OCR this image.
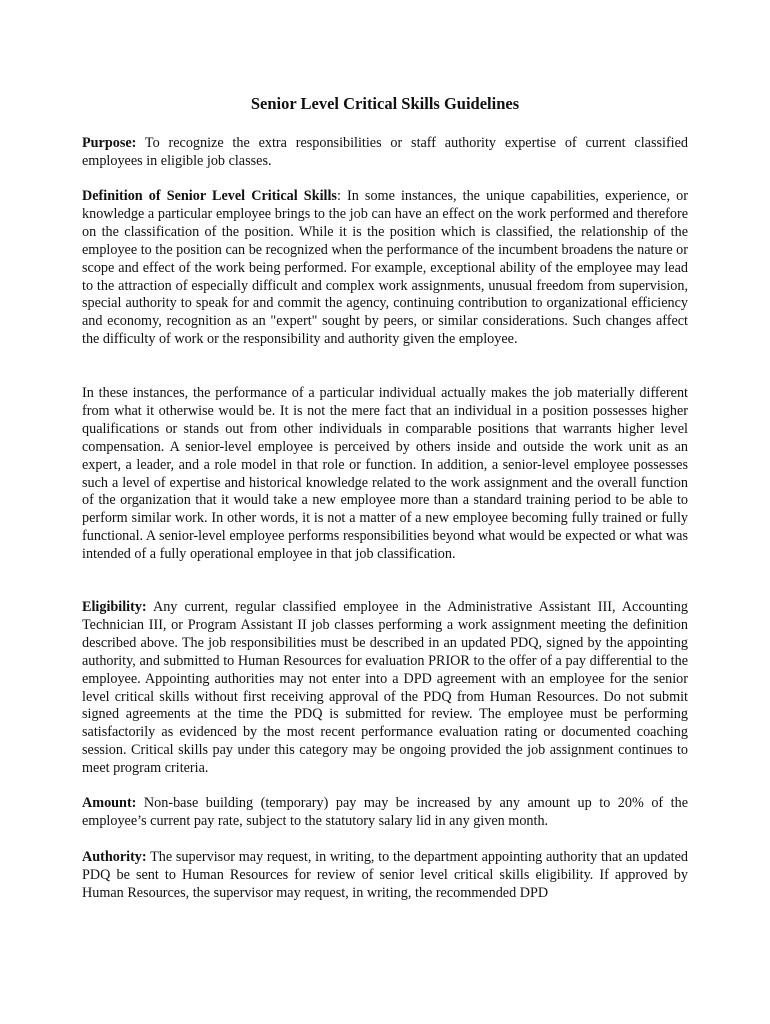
Senior Level Critical Skills Guidelines

Purpose: To recognize the extra responsibilities or staff authority expertise of current classified employees in eligible job classes.

Definition of Senior Level Critical Skills: In some instances, the unique capabilities, experience, or knowledge a particular employee brings to the job can have an effect on the work performed and therefore on the classification of the position. While it is the position which is classified, the relationship of the employee to the position can be recognized when the performance of the incumbent broadens the nature or scope and effect of the work being performed. For example, exceptional ability of the employee may lead to the attraction of especially difficult and complex work assignments, unusual freedom from supervision, special authority to speak for and commit the agency, continuing contribution to organizational efficiency and economy, recognition as an "expert" sought by peers, or similar considerations. Such changes affect the difficulty of work or the responsibility and authority given the employee.

In these instances, the performance of a particular individual actually makes the job materially different from what it otherwise would be. It is not the mere fact that an individual in a position possesses higher qualifications or stands out from other individuals in comparable positions that warrants higher level compensation. A senior-level employee is perceived by others inside and outside the work unit as an expert, a leader, and a role model in that role or function. In addition, a senior-level employee possesses such a level of expertise and historical knowledge related to the work assignment and the overall function of the organization that it would take a new employee more than a standard training period to be able to perform similar work. In other words, it is not a matter of a new employee becoming fully trained or fully functional. A senior-level employee performs responsibilities beyond what would be expected or what was intended of a fully operational employee in that job classification.

Eligibility: Any current, regular classified employee in the Administrative Assistant III, Accounting Technician III, or Program Assistant II job classes performing a work assignment meeting the definition described above. The job responsibilities must be described in an updated PDQ, signed by the appointing authority, and submitted to Human Resources for evaluation PRIOR to the offer of a pay differential to the employee. Appointing authorities may not enter into a DPD agreement with an employee for the senior level critical skills without first receiving approval of the PDQ from Human Resources. Do not submit signed agreements at the time the PDQ is submitted for review. The employee must be performing satisfactorily as evidenced by the most recent performance evaluation rating or documented coaching session. Critical skills pay under this category may be ongoing provided the job assignment continues to meet program criteria.

Amount: Non-base building (temporary) pay may be increased by any amount up to 20% of the employee’s current pay rate, subject to the statutory salary lid in any given month.

Authority: The supervisor may request, in writing, to the department appointing authority that an updated PDQ be sent to Human Resources for review of senior level critical skills eligibility. If approved by Human Resources, the supervisor may request, in writing, the recommended DPD
